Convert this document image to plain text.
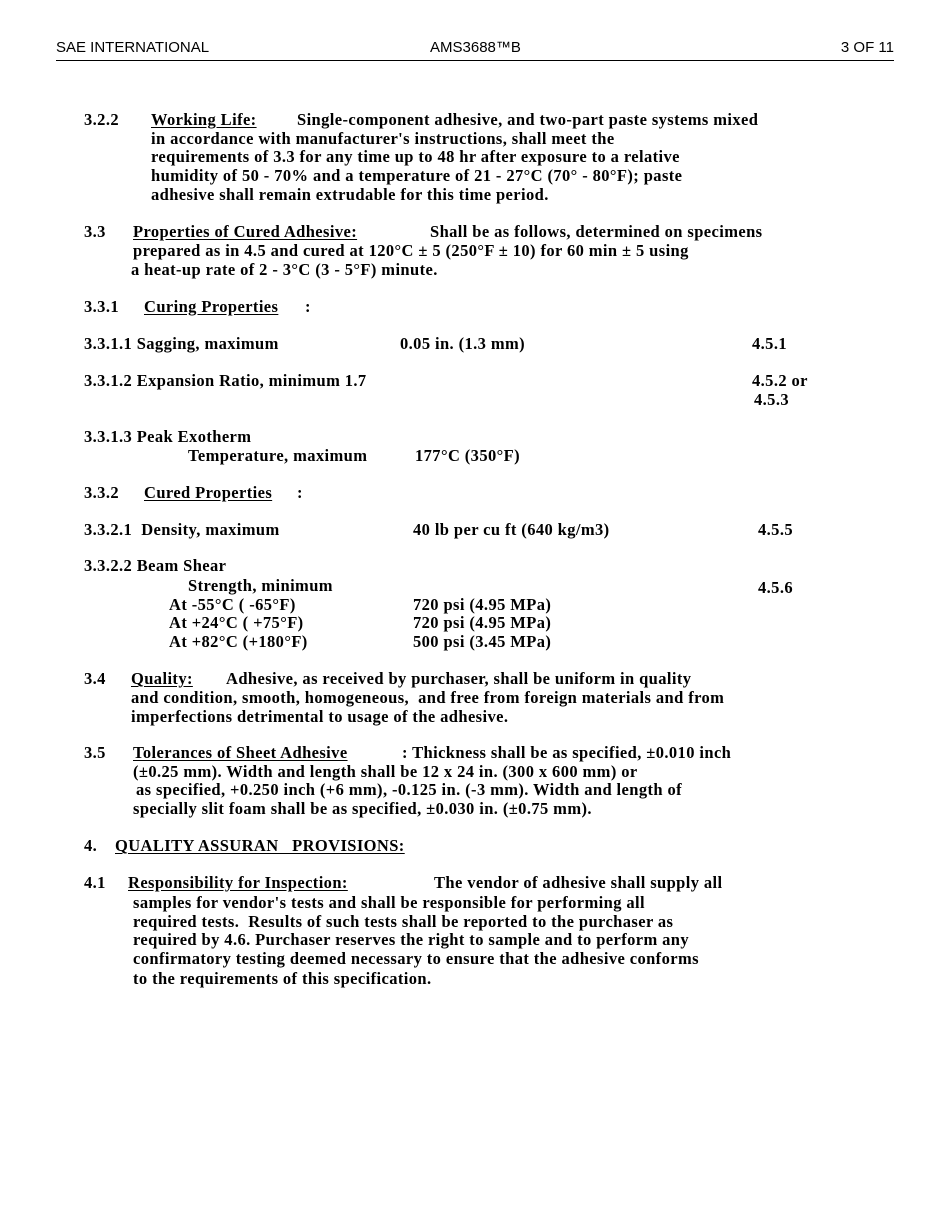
SAE INTERNATIONAL	AMS3688™B	3 OF 11
3.2.2 Working Life: Single-component adhesive, and two-part paste systems mixed
in accordance with manufacturer's instructions, shall meet the
requirements of 3.3 for any time up to 48 hr after exposure to a relative
humidity of 50 - 70% and a temperature of 21 - 27°C (70° - 80°F); paste
adhesive shall remain extrudable for this time period.
3.3 Properties of Cured Adhesive:	Shall be as follows, determined on specimens
prepared as in 4.5 and cured at 120°C ± 5 (250°F ± 10) for 60 min ± 5 using
a heat-up rate of 2 - 3°C (3 - 5°F) minute.
3.3.1 Curing Properties :
3.3.1.1 Sagging, maximum	0.05 in. (1.3 mm)	4.5.1
3.3.1.2 Expansion Ratio, minimum 1.7	4.5.2 or
4.5.3
3.3.1.3 Peak Exotherm
Temperature, maximum	177°C (350°F)
3.3.2 Cured Properties :
3.3.2.1  Density, maximum	40 lb per cu ft (640 kg/m3)	4.5.5
3.3.2.2 Beam Shear
Strength, minimum	4.5.6
At -55°C ( -65°F)	720 psi (4.95 MPa)
At +24°C ( +75°F)	720 psi (4.95 MPa)
At +82°C (+180°F)	500 psi (3.45 MPa)
3.4 Quality: Adhesive, as received by purchaser, shall be uniform in quality
and condition, smooth, homogeneous,  and free from foreign materials and from
imperfections detrimental to usage of the adhesive.
3.5 Tolerances of Sheet Adhesive	: Thickness shall be as specified, ±0.010 inch
(±0.25 mm). Width and length shall be 12 x 24 in. (300 x 600 mm) or
as specified, +0.250 inch (+6 mm), -0.125 in. (-3 mm). Width and length of
specially slit foam shall be as specified, ±0.030 in. (±0.75 mm).
4. QUALITY ASSURAN   PROVISIONS:
4.1 Responsibility for Inspection:	The vendor of adhesive shall supply all
samples for vendor's tests and shall be responsible for performing all
required tests.  Results of such tests shall be reported to the purchaser as
required by 4.6. Purchaser reserves the right to sample and to perform any
confirmatory testing deemed necessary to ensure that the adhesive conforms
to the requirements of this specification.
